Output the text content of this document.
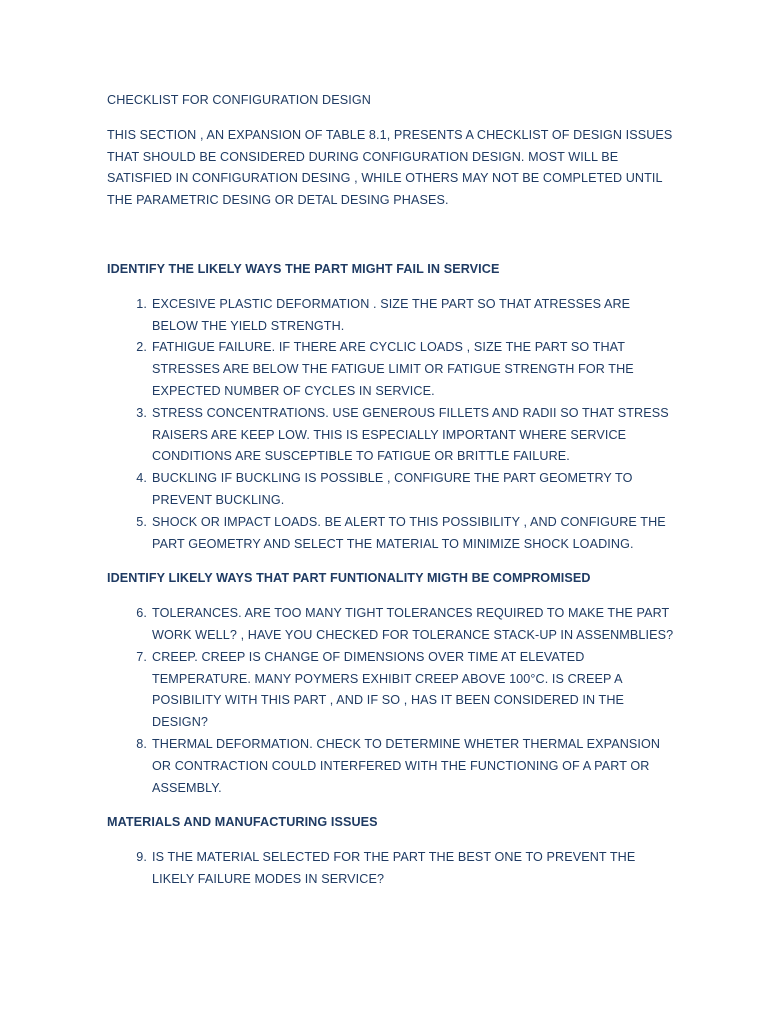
CHECKLIST FOR CONFIGURATION DESIGN

THIS SECTION , AN EXPANSION OF TABLE 8.1, PRESENTS A CHECKLIST OF DESIGN ISSUES THAT SHOULD BE CONSIDERED DURING CONFIGURATION DESIGN. MOST WILL BE SATISFIED IN CONFIGURATION DESING , WHILE OTHERS MAY NOT BE COMPLETED UNTIL THE PARAMETRIC DESING OR DETAL DESING PHASES.

IDENTIFY THE LIKELY WAYS THE PART MIGHT FAIL IN SERVICE

1. EXCESIVE PLASTIC DEFORMATION . SIZE THE PART SO THAT ATRESSES ARE BELOW THE YIELD STRENGTH.
2. FATHIGUE FAILURE. IF THERE ARE CYCLIC LOADS , SIZE THE PART SO THAT STRESSES ARE BELOW THE FATIGUE LIMIT OR FATIGUE STRENGTH FOR THE EXPECTED NUMBER OF CYCLES IN SERVICE.
3. STRESS CONCENTRATIONS. USE GENEROUS FILLETS AND RADII SO THAT STRESS RAISERS ARE KEEP LOW. THIS IS ESPECIALLY IMPORTANT WHERE SERVICE CONDITIONS ARE SUSCEPTIBLE TO FATIGUE OR BRITTLE FAILURE.
4. BUCKLING IF BUCKLING IS POSSIBLE , CONFIGURE THE PART GEOMETRY TO PREVENT BUCKLING.
5. SHOCK OR IMPACT LOADS. BE ALERT TO THIS POSSIBILITY , AND CONFIGURE THE PART GEOMETRY AND SELECT THE MATERIAL TO MINIMIZE SHOCK LOADING.

IDENTIFY LIKELY WAYS THAT PART FUNTIONALITY MIGTH BE COMPROMISED

6. TOLERANCES. ARE TOO MANY TIGHT TOLERANCES REQUIRED TO MAKE THE PART WORK WELL? , HAVE YOU CHECKED FOR TOLERANCE STACK-UP IN ASSENMBLIES?
7. CREEP. CREEP IS CHANGE OF DIMENSIONS OVER TIME AT ELEVATED TEMPERATURE. MANY POYMERS EXHIBIT CREEP ABOVE 100°C. IS CREEP A POSIBILITY WITH THIS PART , AND IF SO , HAS IT BEEN CONSIDERED IN THE DESIGN?
8. THERMAL DEFORMATION. CHECK TO DETERMINE WHETER THERMAL EXPANSION OR CONTRACTION COULD INTERFERED WITH THE FUNCTIONING OF A PART OR ASSEMBLY.

MATERIALS AND MANUFACTURING ISSUES

9. IS THE MATERIAL SELECTED FOR THE PART THE BEST ONE TO PREVENT THE LIKELY FAILURE MODES IN SERVICE?
